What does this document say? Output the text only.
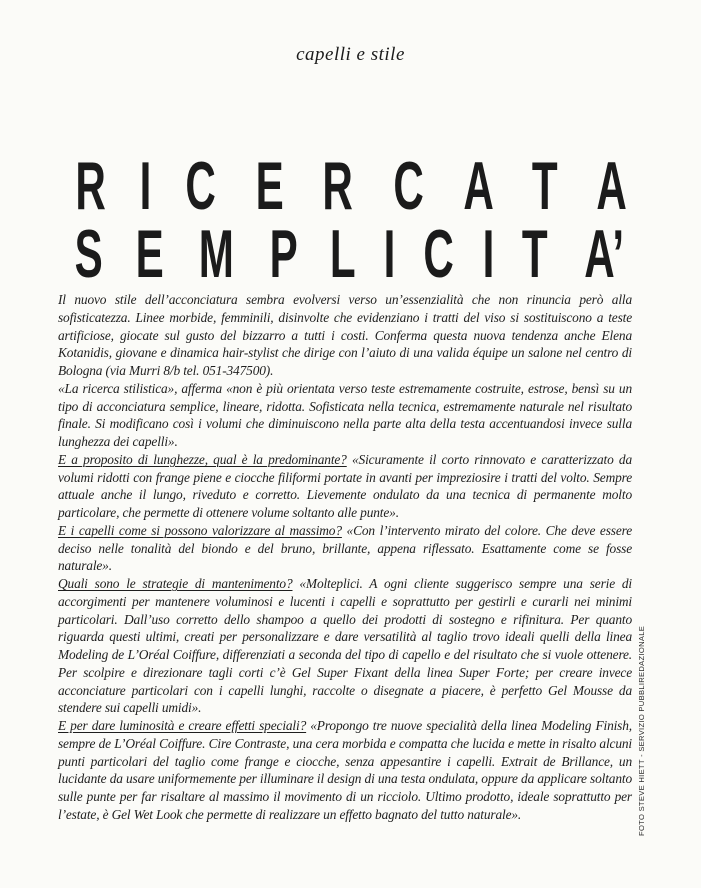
capelli e stile
R I C E R C A T A
S E M P L I C I T A’

Il nuovo stile dell’acconciatura sembra evolversi verso un’essenzialità che non rinuncia però alla sofisticatezza. Linee morbide, femminili, disinvolte che evidenziano i tratti del viso si sostituiscono a teste artificiose, giocate sul gusto del bizzarro a tutti i costi. Conferma questa nuova tendenza anche Elena Kotanidis, giovane e dinamica hair-stylist che dirige con l’aiuto di una valida équipe un salone nel centro di Bologna (via Murri 8/b tel. 051-347500).

«La ricerca stilistica», afferma «non è più orientata verso teste estremamente costruite, estrose, bensì su un tipo di acconciatura semplice, lineare, ridotta. Sofisticata nella tecnica, estremamente naturale nel risultato finale. Si modificano così i volumi che diminuiscono nella parte alta della testa accentuandosi invece sulla lunghezza dei capelli».

E a proposito di lunghezze, qual è la predominante? «Sicuramente il corto rinnovato e caratterizzato da volumi ridotti con frange piene e ciocche filiformi portate in avanti per impreziosire i tratti del volto. Sempre attuale anche il lungo, riveduto e corretto. Lievemente ondulato da una tecnica di permanente molto particolare, che permette di ottenere volume soltanto alle punte».

E i capelli come si possono valorizzare al massimo? «Con l’intervento mirato del colore. Che deve essere deciso nelle tonalità del biondo e del bruno, brillante, appena riflessato. Esattamente come se fosse naturale».

Quali sono le strategie di mantenimento? «Molteplici. A ogni cliente suggerisco sempre una serie di accorgimenti per mantenere voluminosi e lucenti i capelli e soprattutto per gestirli e curarli nei minimi particolari. Dall’uso corretto dello shampoo a quello dei prodotti di sostegno e rifinitura. Per quanto riguarda questi ultimi, creati per personalizzare e dare versatilità al taglio trovo ideali quelli della linea Modeling de L’Oréal Coiffure, differenziati a seconda del tipo di capello e del risultato che si vuole ottenere. Per scolpire e direzionare tagli corti c’è Gel Super Fixant della linea Super Forte; per creare invece acconciature particolari con i capelli lunghi, raccolte o disegnate a piacere, è perfetto Gel Mousse da stendere sui capelli umidi».

E per dare luminosità e creare effetti speciali? «Propongo tre nuove specialità della linea Modeling Finish, sempre de L’Oréal Coiffure. Cire Contraste, una cera morbida e compatta che lucida e mette in risalto alcuni punti particolari del taglio come frange e ciocche, senza appesantire i capelli. Extrait de Brillance, un lucidante da usare uniformemente per illuminare il design di una testa ondulata, oppure da applicare soltanto sulle punte per far risaltare al massimo il movimento di un ricciolo. Ultimo prodotto, ideale soprattutto per l’estate, è Gel Wet Look che permette di realizzare un effetto bagnato del tutto naturale».	FOTO STEVE HIETT - SERVIZIO PUBBLIREDAZIONALE
